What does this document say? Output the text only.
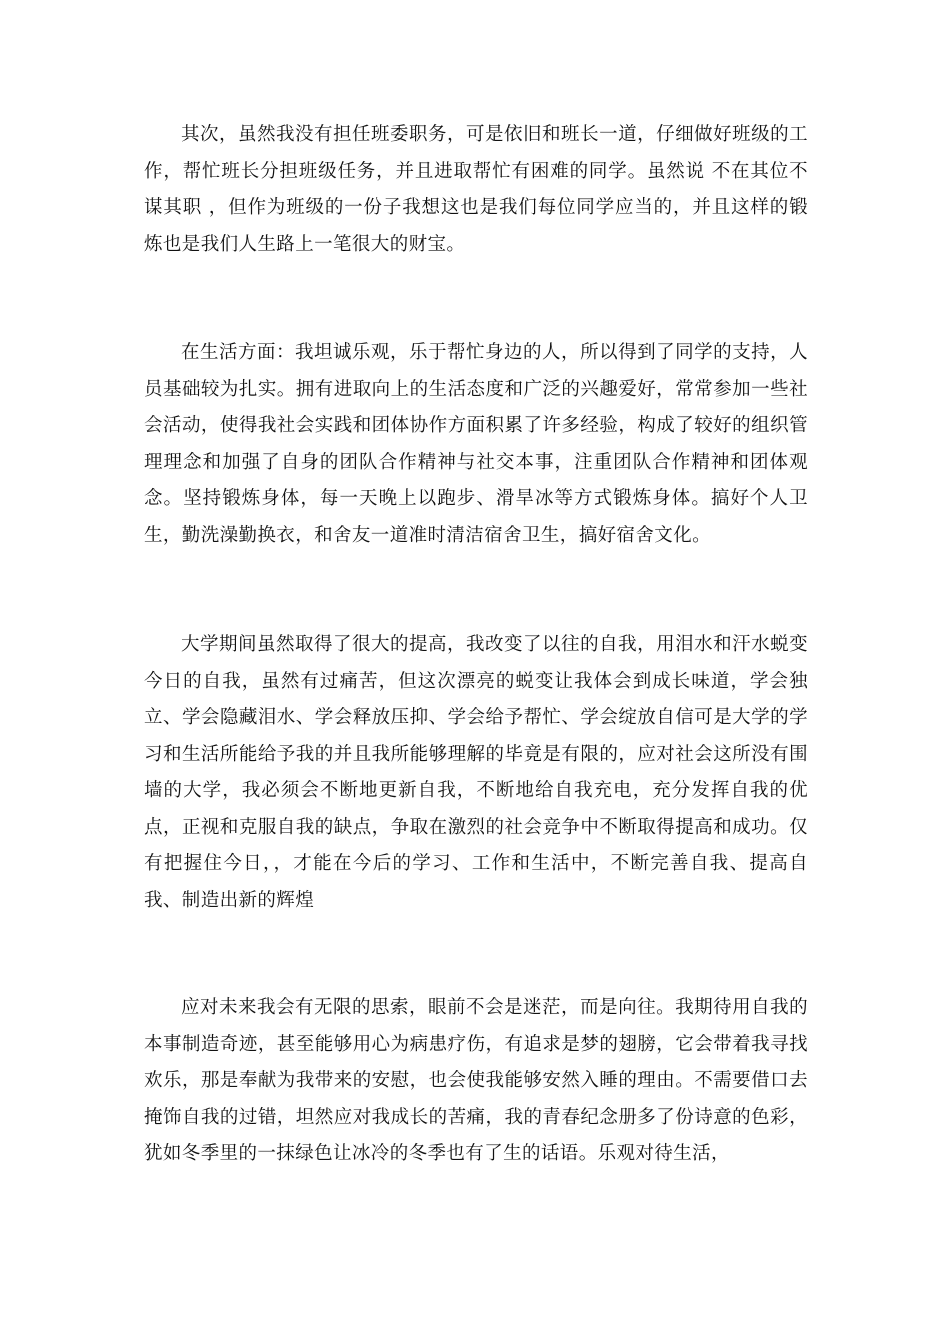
其次，虽然我没有担任班委职务，可是依旧和班长一道，仔细做好班级的工作，帮忙班长分担班级任务，并且进取帮忙有困难的同学。虽然说 不在其位不谋其职 ，但作为班级的一份子我想这也是我们每位同学应当的，并且这样的锻炼也是我们人生路上一笔很大的财宝。

在生活方面：我坦诚乐观，乐于帮忙身边的人，所以得到了同学的支持，人员基础较为扎实。拥有进取向上的生活态度和广泛的兴趣爱好，常常参加一些社会活动，使得我社会实践和团体协作方面积累了许多经验，构成了较好的组织管理理念和加强了自身的团队合作精神与社交本事，注重团队合作精神和团体观念。坚持锻炼身体，每一天晚上以跑步、滑旱冰等方式锻炼身体。搞好个人卫生，勤洗澡勤换衣，和舍友一道准时清洁宿舍卫生，搞好宿舍文化。

大学期间虽然取得了很大的提高，我改变了以往的自我，用泪水和汗水蜕变今日的自我，虽然有过痛苦，但这次漂亮的蜕变让我体会到成长味道，学会独立、学会隐藏泪水、学会释放压抑、学会给予帮忙、学会绽放自信可是大学的学习和生活所能给予我的并且我所能够理解的毕竟是有限的，应对社会这所没有围墙的大学，我必须会不断地更新自我，不断地给自我充电，充分发挥自我的优点，正视和克服自我的缺点，争取在激烈的社会竞争中不断取得提高和成功。仅有把握住今日，，才能在今后的学习、工作和生活中，不断完善自我、提高自我、制造出新的辉煌

应对未来我会有无限的思索，眼前不会是迷茫，而是向往。我期待用自我的本事制造奇迹，甚至能够用心为病患疗伤，有追求是梦的翅膀，它会带着我寻找欢乐，那是奉献为我带来的安慰，也会使我能够安然入睡的理由。不需要借口去掩饰自我的过错，坦然应对我成长的苦痛，我的青春纪念册多了份诗意的色彩，犹如冬季里的一抹绿色让冰冷的冬季也有了生的话语。乐观对待生活，
